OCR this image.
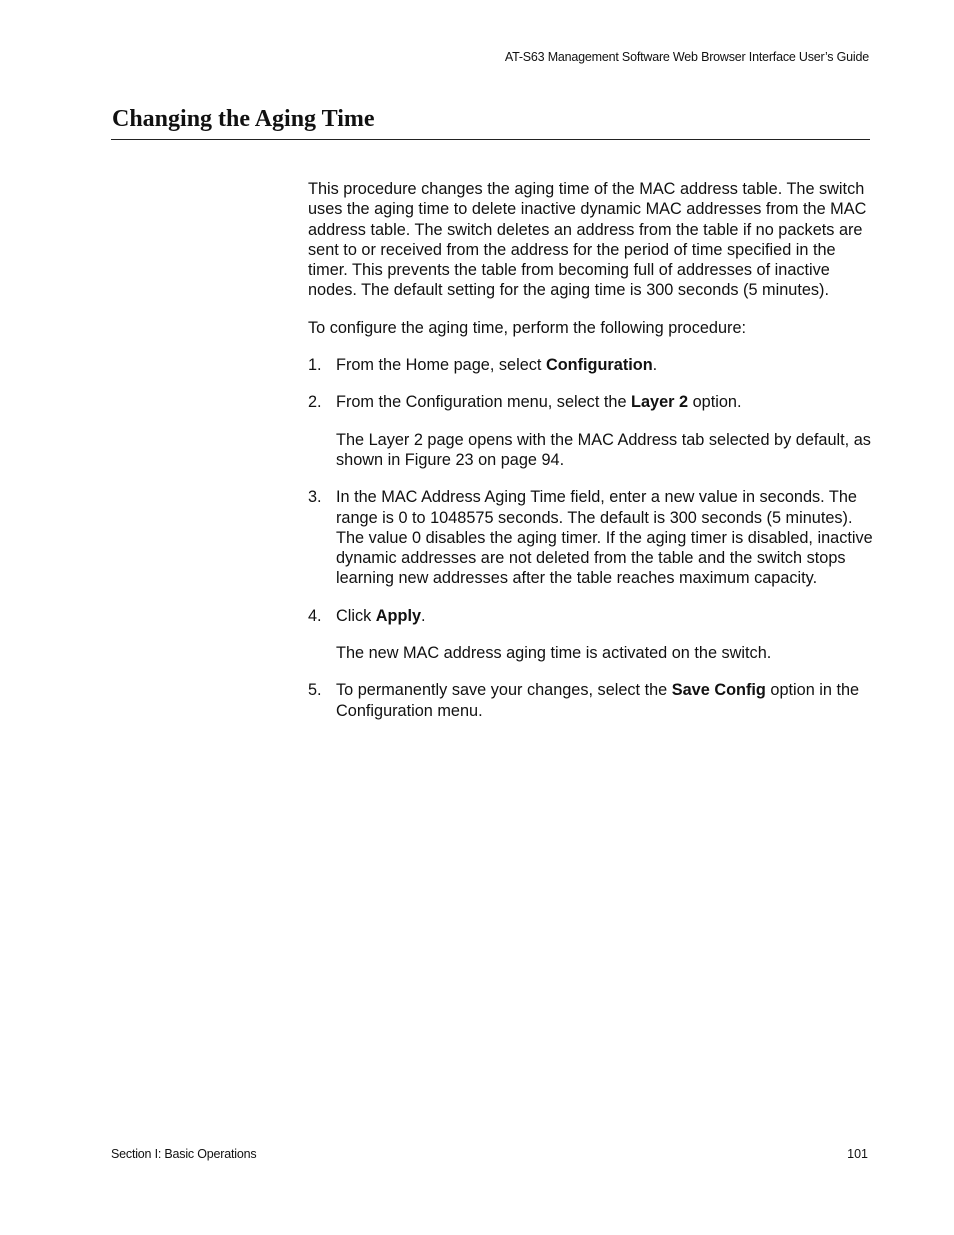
AT-S63 Management Software Web Browser Interface User’s Guide
Changing the Aging Time

This procedure changes the aging time of the MAC address table. The switch uses the aging time to delete inactive dynamic MAC addresses from the MAC address table. The switch deletes an address from the table if no packets are sent to or received from the address for the period of time specified in the timer. This prevents the table from becoming full of addresses of inactive nodes. The default setting for the aging time is 300 seconds (5 minutes).

To configure the aging time, perform the following procedure:

1. From the Home page, select Configuration.

2. From the Configuration menu, select the Layer 2 option.

The Layer 2 page opens with the MAC Address tab selected by default, as shown in Figure 23 on page 94.

3. In the MAC Address Aging Time field, enter a new value in seconds. The range is 0 to 1048575 seconds. The default is 300 seconds (5 minutes). The value 0 disables the aging timer. If the aging timer is disabled, inactive dynamic addresses are not deleted from the table and the switch stops learning new addresses after the table reaches maximum capacity.

4. Click Apply.

The new MAC address aging time is activated on the switch.

5. To permanently save your changes, select the Save Config option in the Configuration menu.

Section I: Basic Operations	101
